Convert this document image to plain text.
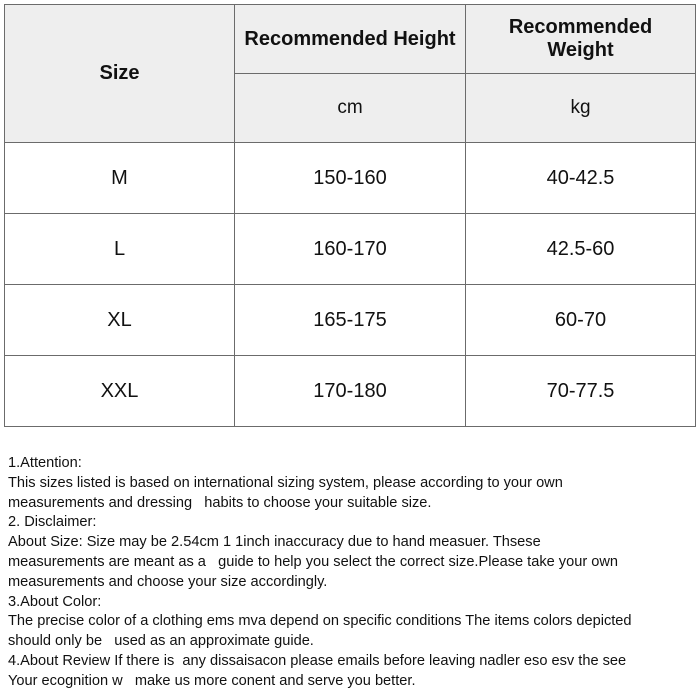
Size	Recommended Height	Recommended
Weight
	cm	kg
M	150-160	40-42.5
L	160-170	42.5-60
XL	165-175	60-70
XXL	170-180	70-77.5

1.Attention:

This sizes listed is based on international sizing system, please according to your own

measurements and dressing   habits to choose your suitable size.

2. Disclaimer:

About Size: Size may be 2.54cm 1 1inch inaccuracy due to hand measuer. Thsese

measurements are meant as a   guide to help you select the correct size.Please take your own

measurements and choose your size accordingly.

3.About Color:

The precise color of a clothing ems mva depend on specific conditions The items colors depicted

should only be   used as an approximate guide.

4.About Review If there is  any dissaisacon please emails before leaving nadler eso esv the see

Your ecognition w   make us more conent and serve you better.
